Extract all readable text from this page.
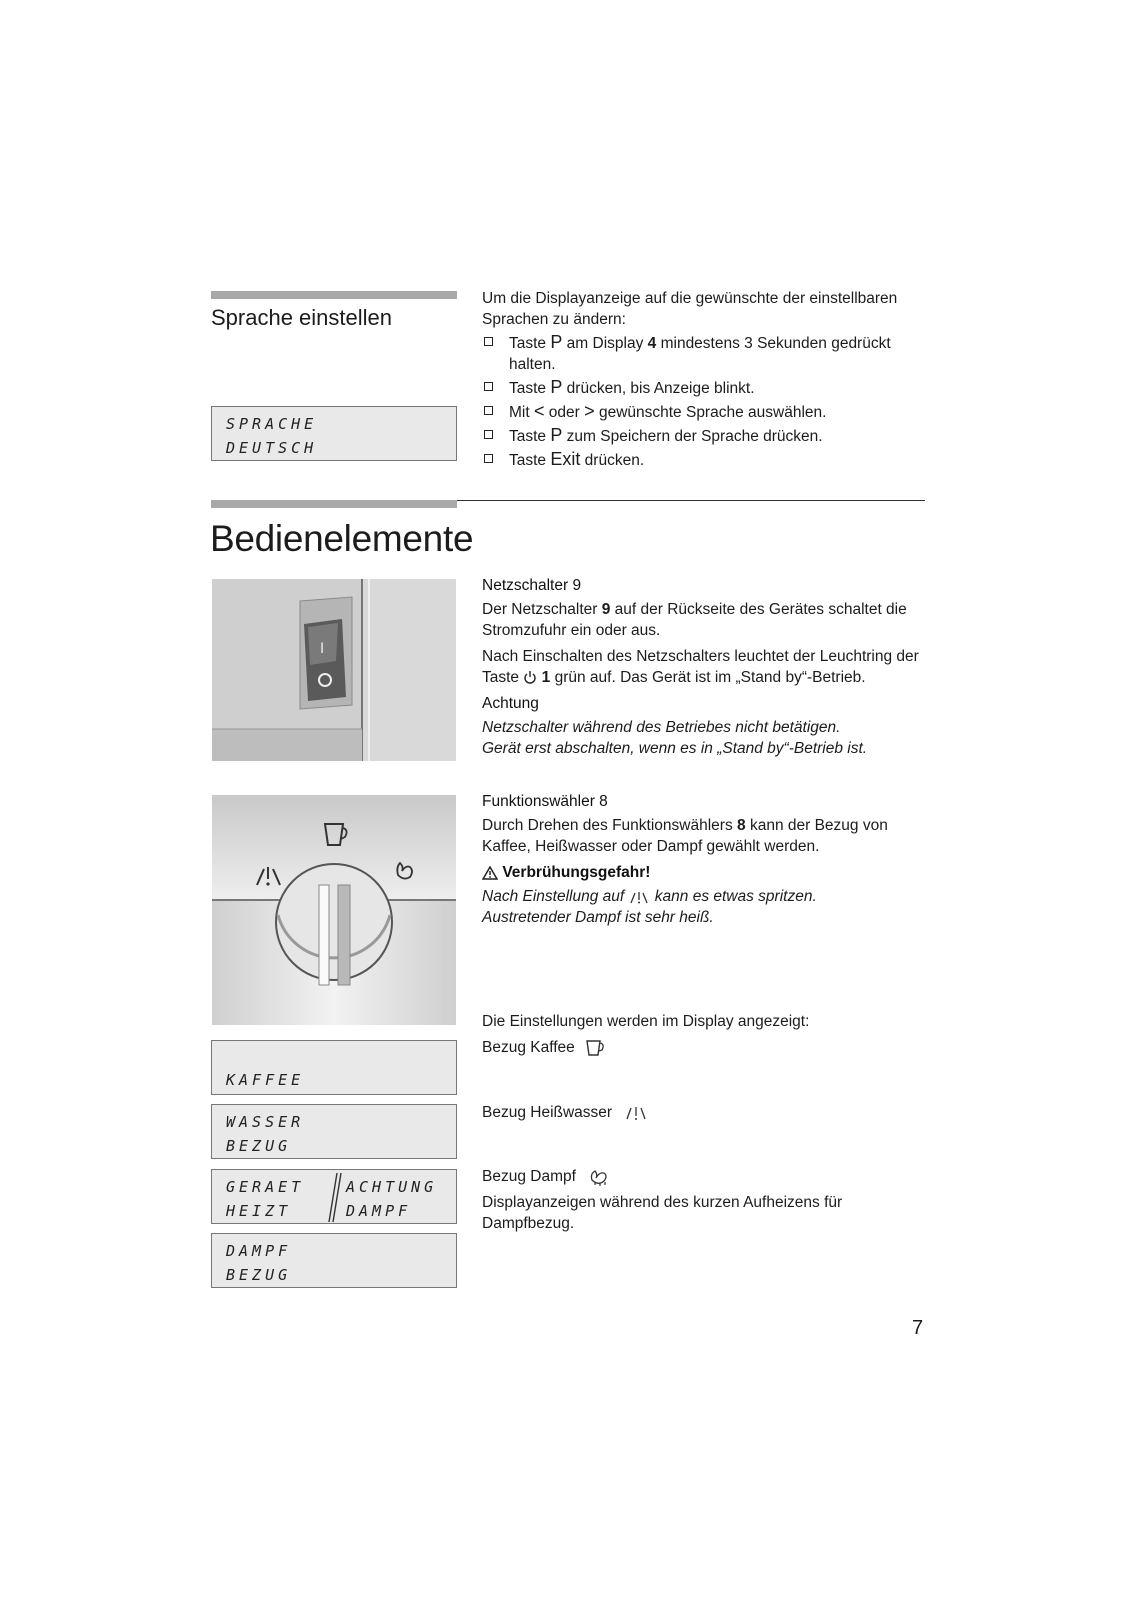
Sprache einstellen
SPRACHE
DEUTSCH

Um die Displayanzeige auf die gewünschte der einstellbaren Sprachen zu ändern:

Taste P am Display 4 mindestens 3 Sekunden gedrückt halten.
Taste P drücken, bis Anzeige blinkt.
Mit < oder > gewünschte Sprache auswählen.
Taste P zum Speichern der Sprache drücken.
Taste Exit drücken.
Bedienelemente
I
Netzschalter 9

Der Netzschalter 9 auf der Rückseite des Gerätes schaltet die Stromzufuhr ein oder aus.

Nach Einschalten des Netzschalters leuchtet der Leuchtring der Taste  1 grün auf. Das Gerät ist im „Stand by“-Betrieb.

Achtung
Netzschalter während des Betriebes nicht betätigen.
Gerät erst abschalten, wenn es in „Stand by“-Betrieb ist.
Funktionswähler 8

Durch Drehen des Funktionswählers 8 kann der Bezug von Kaffee, Heißwasser oder Dampf gewählt werden.

Verbrühungsgefahr!
Nach Einstellung auf  kann es etwas spritzen.
Austretender Dampf ist sehr heiß.
Die Einstellungen werden im Display angezeigt:
Bezug Kaffee
KAFFEE
Bezug Heißwasser
WASSER
BEZUG
Bezug Dampf
Displayanzeigen während des kurzen Aufheizens für Dampfbezug.
GERAET
HEIZT
ACHTUNG
DAMPF
DAMPF
BEZUG
7
